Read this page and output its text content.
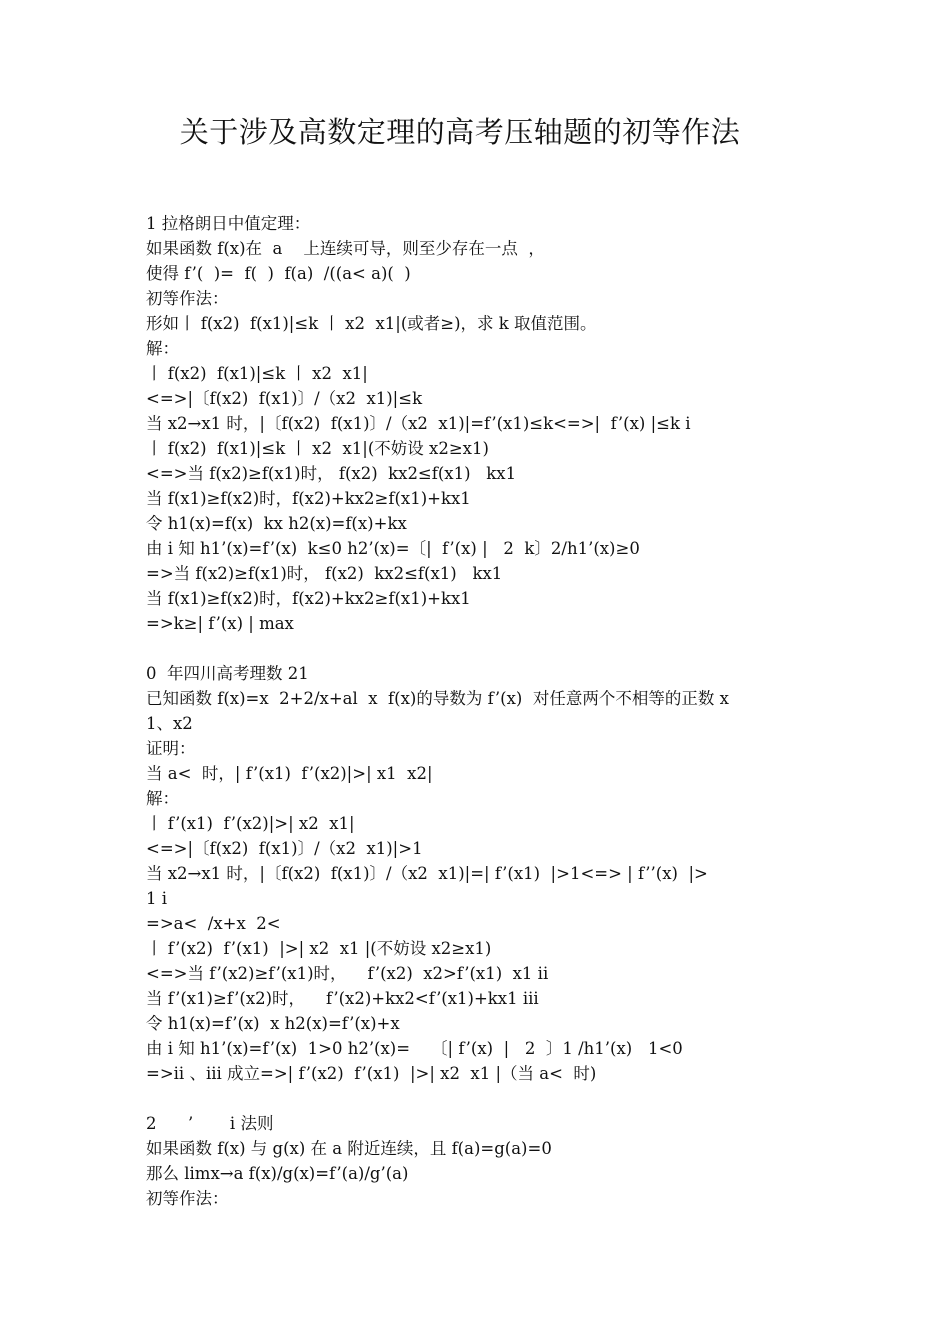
关于涉及高数定理的高考压轴题的初等作法
1 拉格朗日中值定理：
如果函数 f(x)在  a    上连续可导，则至少存在一点  ，
使得 f’(  )=  f(  )  f(a)  /((a< a)(  )
初等作法：
形如丨 f(x2)  f(x1)|≤k 丨 x2  x1|(或者≥)，求 k 取值范围。
解：
丨 f(x2)  f(x1)|≤k 丨 x2  x1|
<=>|〔f(x2)  f(x1)〕/（x2  x1)|≤k
当 x2→x1 时，|〔f(x2)  f(x1)〕/（x2  x1)|=f’(x1)≤k<=>|  f’(x) |≤k i
丨 f(x2)  f(x1)|≤k 丨 x2  x1|(不妨设 x2≥x1)
<=>当 f(x2)≥f(x1)时， f(x2)  kx2≤f(x1)   kx1
当 f(x1)≥f(x2)时，f(x2)+kx2≥f(x1)+kx1
令 h1(x)=f(x)  kx h2(x)=f(x)+kx
由 i 知 h1’(x)=f’(x)  k≤0 h2’(x)=〔|  f’(x) |   2  k〕2/h1’(x)≥0
=>当 f(x2)≥f(x1)时， f(x2)  kx2≤f(x1)   kx1
当 f(x1)≥f(x2)时，f(x2)+kx2≥f(x1)+kx1
=>k≥| f’(x) | max
0  年四川高考理数 21
已知函数 f(x)=x  2+2/x+al  x  f(x)的导数为 f’(x)  对任意两个不相等的正数 x
1、x2
证明：
当 a<  时，| f’(x1)  f’(x2)|>| x1  x2|
解：
丨 f’(x1)  f’(x2)|>| x2  x1|
<=>|〔f(x2)  f(x1)〕/（x2  x1)|>1
当 x2→x1 时，|〔f(x2)  f(x1)〕/（x2  x1)|=| f’(x1)  |>1<=> | f’’(x)  |>
1 i
=>a<  /x+x  2<
丨 f’(x2)  f’(x1)  |>| x2  x1 |(不妨设 x2≥x1)
<=>当 f’(x2)≥f’(x1)时，    f’(x2)  x2>f’(x1)  x1 ii
当 f’(x1)≥f’(x2)时，    f’(x2)+kx2<f’(x1)+kx1 iii
令 h1(x)=f’(x)  x h2(x)=f’(x)+x
由 i 知 h1’(x)=f’(x)  1>0 h2’(x)=    〔| f’(x)  |   2  〕1 /h1’(x)   1<0
=>ii 、iii 成立=>| f’(x2)  f’(x1)  |>| x2  x1 |（当 a<  时)
2      ’       i 法则
如果函数 f(x) 与 g(x) 在 a 附近连续，且 f(a)=g(a)=0
那么 limx→a f(x)/g(x)=f’(a)/g’(a)
初等作法：
